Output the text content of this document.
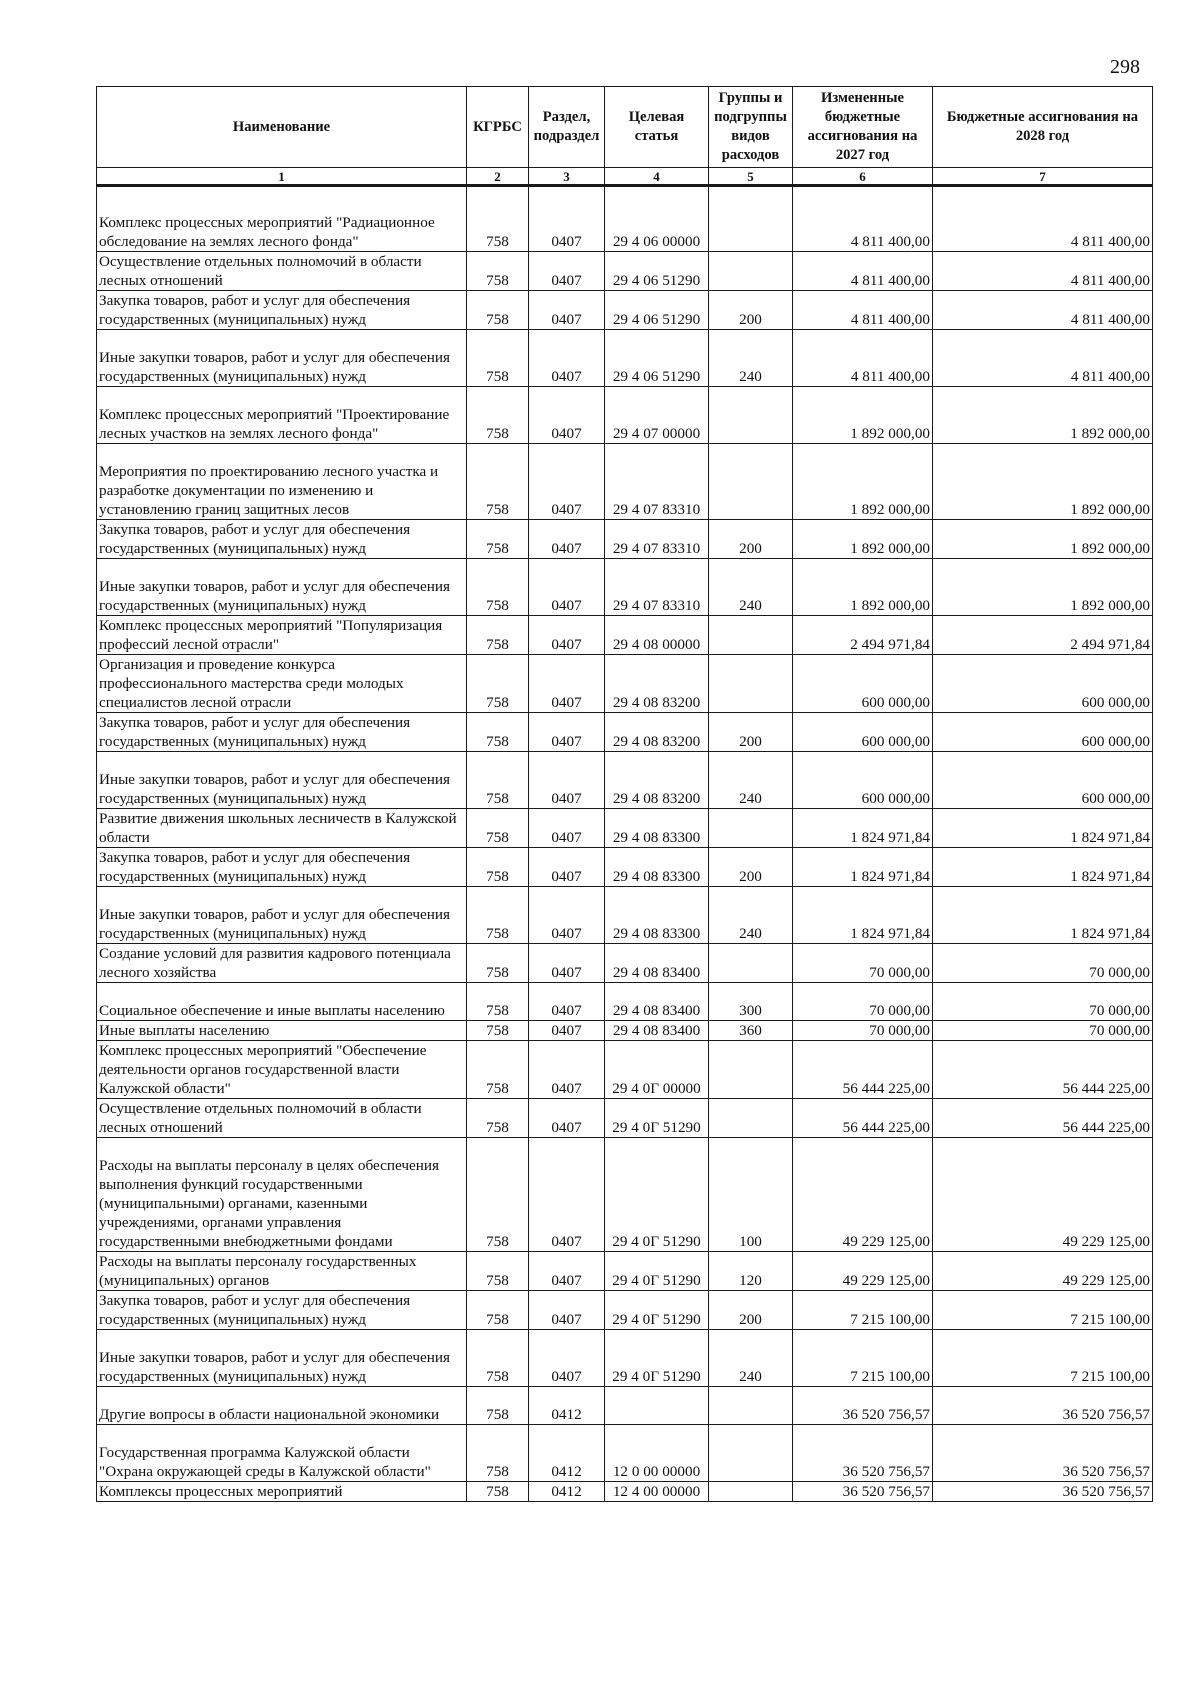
298
Наименование	КГРБС	Раздел, подраздел	Целевая статья	Группы и подгруппы видов расходов	Измененные бюджетные ассигнования на 2027 год	Бюджетные ассигнования на 2028 год
1	2	3	4	5	6	7
Комплекс процессных мероприятий "Радиационное обследование на землях лесного фонда"	758	0407	29 4 06 00000		4 811 400,00	4 811 400,00
Осуществление отдельных полномочий в области лесных отношений	758	0407	29 4 06 51290		4 811 400,00	4 811 400,00
Закупка товаров, работ и услуг для обеспечения государственных (муниципальных) нужд	758	0407	29 4 06 51290	200	4 811 400,00	4 811 400,00
Иные закупки товаров, работ и услуг для обеспечения государственных (муниципальных) нужд	758	0407	29 4 06 51290	240	4 811 400,00	4 811 400,00
Комплекс процессных мероприятий "Проектирование лесных участков на землях лесного фонда"	758	0407	29 4 07 00000		1 892 000,00	1 892 000,00
Мероприятия по проектированию лесного участка и разработке документации по изменению и установлению границ защитных лесов	758	0407	29 4 07 83310		1 892 000,00	1 892 000,00
Закупка товаров, работ и услуг для обеспечения государственных (муниципальных) нужд	758	0407	29 4 07 83310	200	1 892 000,00	1 892 000,00
Иные закупки товаров, работ и услуг для обеспечения государственных (муниципальных) нужд	758	0407	29 4 07 83310	240	1 892 000,00	1 892 000,00
Комплекс процессных мероприятий "Популяризация профессий лесной отрасли"	758	0407	29 4 08 00000		2 494 971,84	2 494 971,84
Организация и проведение конкурса профессионального мастерства среди молодых специалистов лесной отрасли	758	0407	29 4 08 83200		600 000,00	600 000,00
Закупка товаров, работ и услуг для обеспечения государственных (муниципальных) нужд	758	0407	29 4 08 83200	200	600 000,00	600 000,00
Иные закупки товаров, работ и услуг для обеспечения государственных (муниципальных) нужд	758	0407	29 4 08 83200	240	600 000,00	600 000,00
Развитие движения школьных лесничеств в Калужской области	758	0407	29 4 08 83300		1 824 971,84	1 824 971,84
Закупка товаров, работ и услуг для обеспечения государственных (муниципальных) нужд	758	0407	29 4 08 83300	200	1 824 971,84	1 824 971,84
Иные закупки товаров, работ и услуг для обеспечения государственных (муниципальных) нужд	758	0407	29 4 08 83300	240	1 824 971,84	1 824 971,84
Создание условий для развития кадрового потенциала лесного хозяйства	758	0407	29 4 08 83400		70 000,00	70 000,00
Социальное обеспечение и иные выплаты населению	758	0407	29 4 08 83400	300	70 000,00	70 000,00
Иные выплаты населению	758	0407	29 4 08 83400	360	70 000,00	70 000,00
Комплекс процессных мероприятий "Обеспечение деятельности органов государственной власти Калужской области"	758	0407	29 4 0Г 00000		56 444 225,00	56 444 225,00
Осуществление отдельных полномочий в области лесных отношений	758	0407	29 4 0Г 51290		56 444 225,00	56 444 225,00
Расходы на выплаты персоналу в целях обеспечения выполнения функций государственными (муниципальными) органами, казенными учреждениями, органами управления государственными внебюджетными фондами	758	0407	29 4 0Г 51290	100	49 229 125,00	49 229 125,00
Расходы на выплаты персоналу государственных (муниципальных) органов	758	0407	29 4 0Г 51290	120	49 229 125,00	49 229 125,00
Закупка товаров, работ и услуг для обеспечения государственных (муниципальных) нужд	758	0407	29 4 0Г 51290	200	7 215 100,00	7 215 100,00
Иные закупки товаров, работ и услуг для обеспечения государственных (муниципальных) нужд	758	0407	29 4 0Г 51290	240	7 215 100,00	7 215 100,00
Другие вопросы в области национальной экономики	758	0412			36 520 756,57	36 520 756,57
Государственная программа Калужской области "Охрана окружающей среды в Калужской области"	758	0412	12 0 00 00000		36 520 756,57	36 520 756,57
Комплексы процессных мероприятий	758	0412	12 4 00 00000		36 520 756,57	36 520 756,57
